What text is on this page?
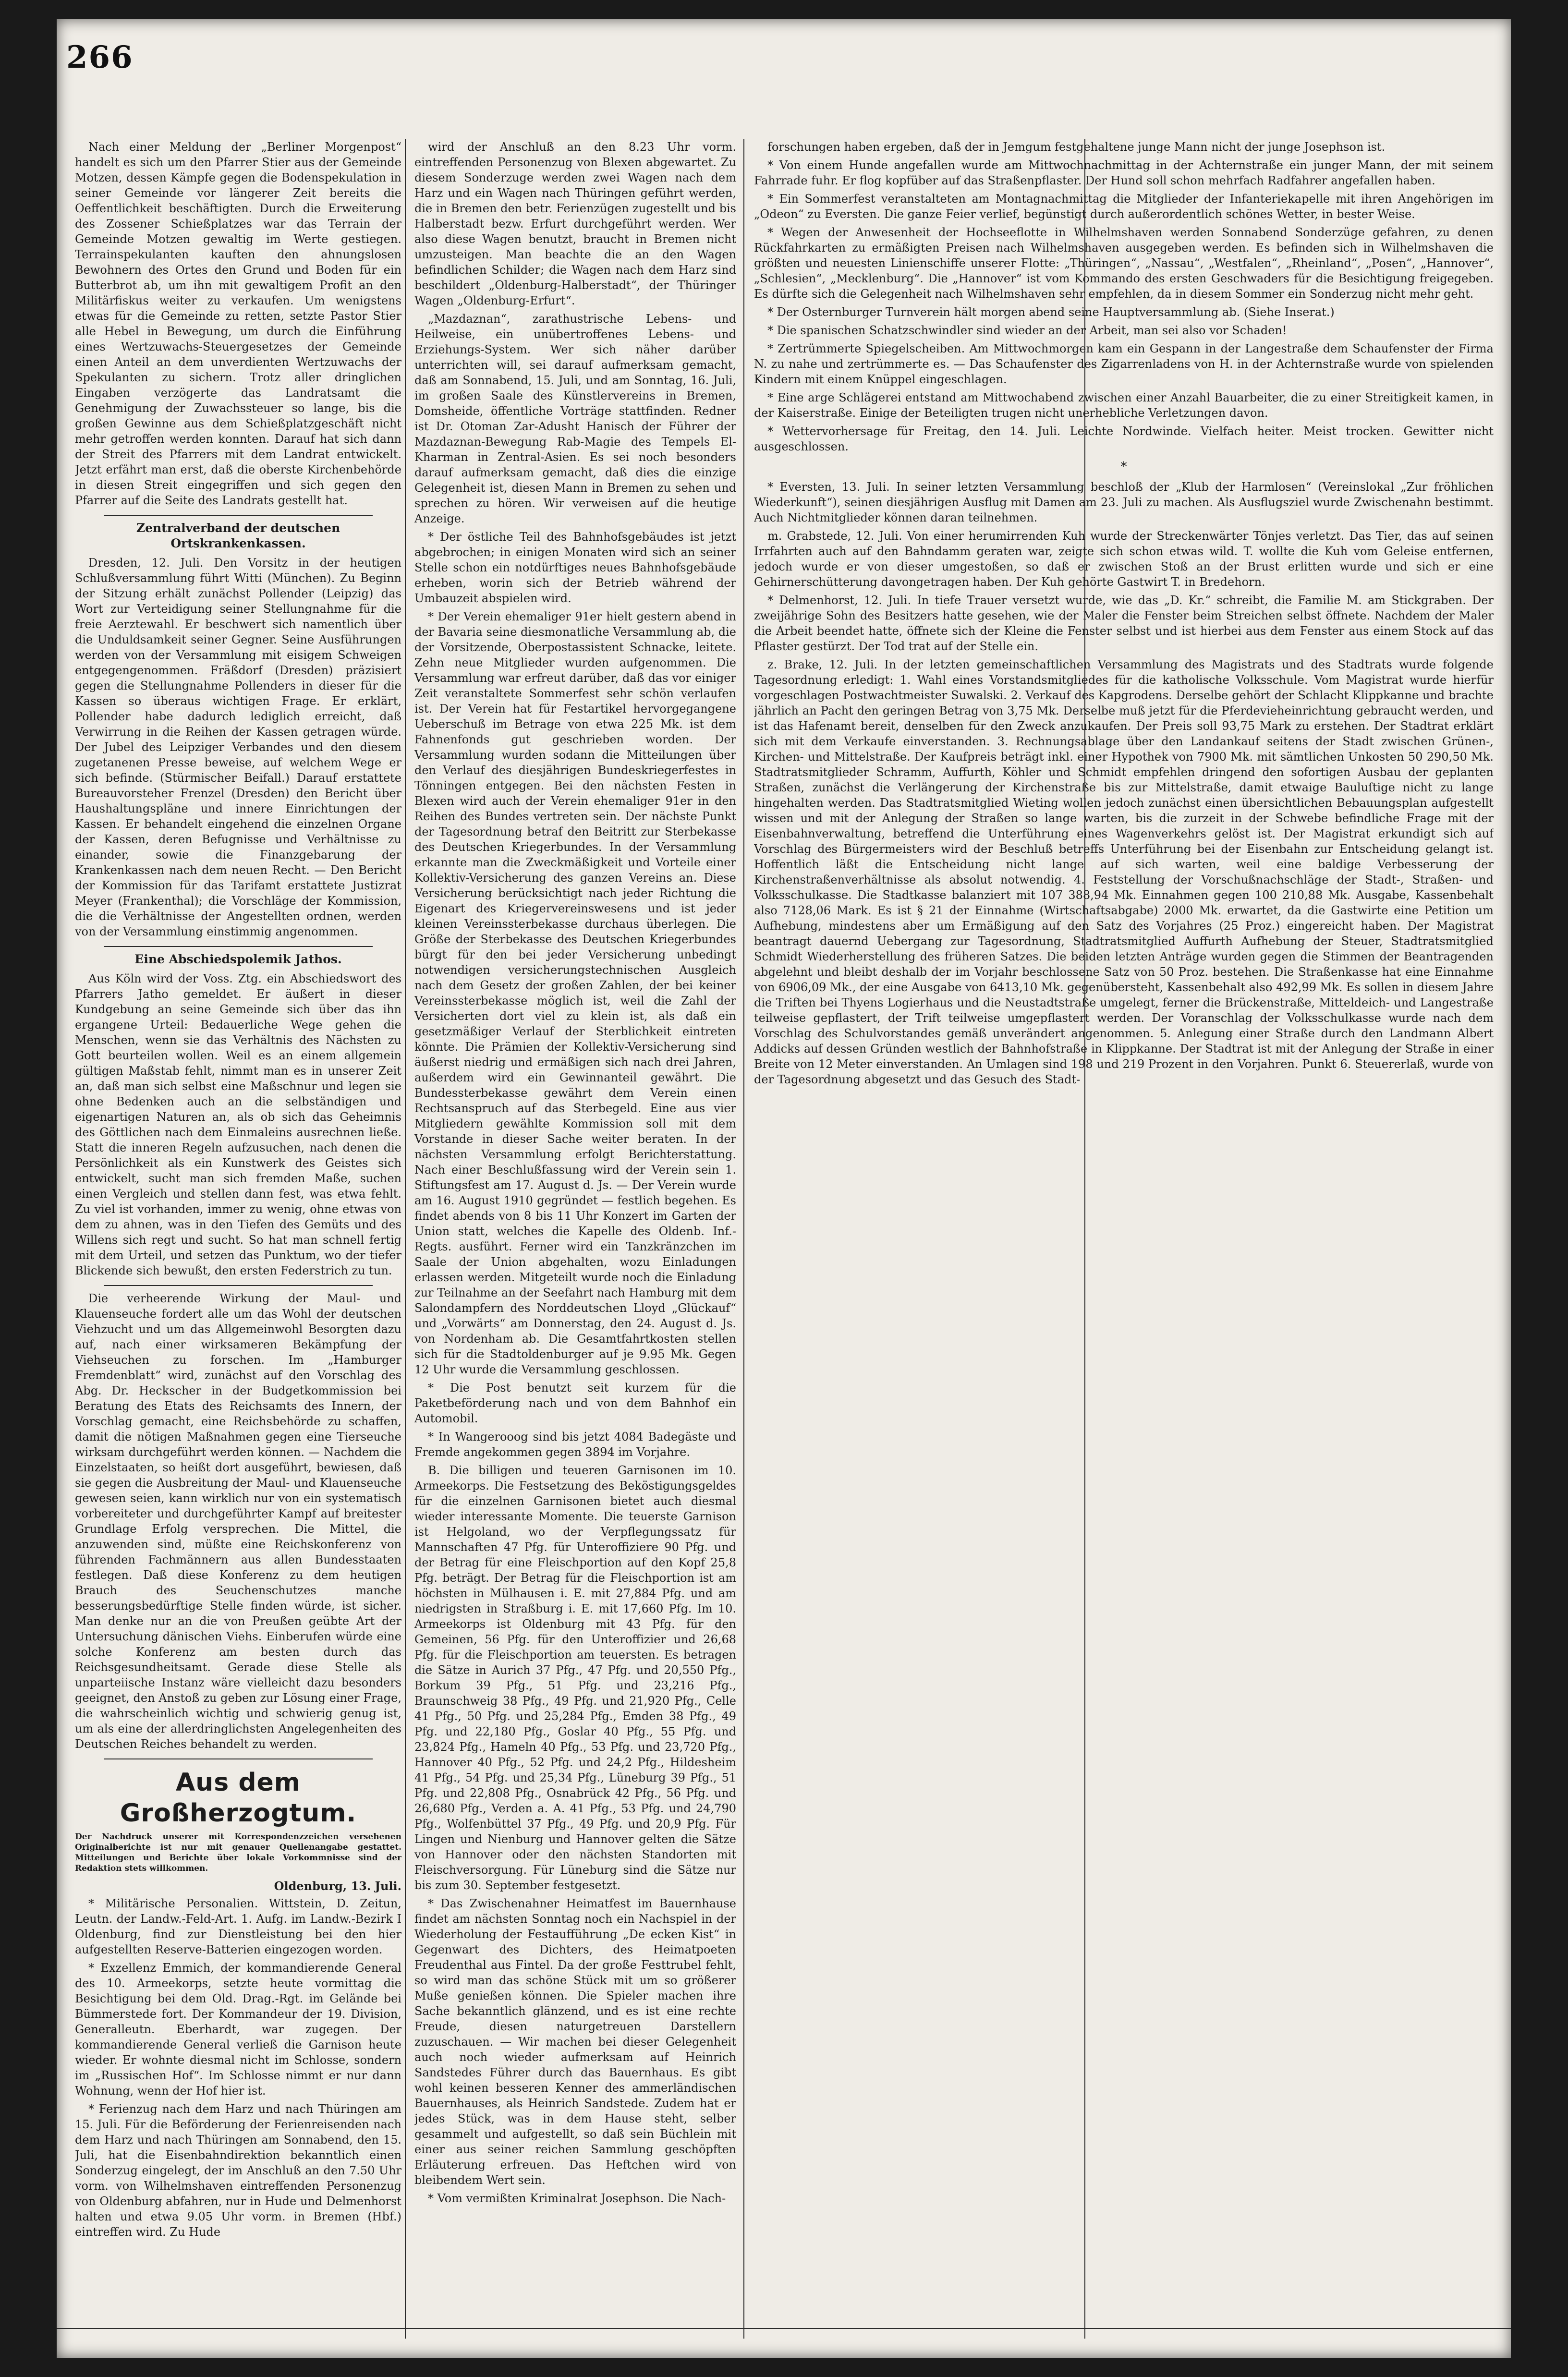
266

Nach einer Meldung der „Berliner Morgenpost“ handelt es sich um den Pfarrer Stier aus der Gemeinde Motzen, dessen Kämpfe gegen die Bodenspekulation in seiner Gemeinde vor längerer Zeit bereits die Oeffentlichkeit beschäftigten. Durch die Erweiterung des Zossener Schießplatzes war das Terrain der Gemeinde Motzen gewaltig im Werte gestiegen. Terrainspekulanten kauften den ahnungslosen Bewohnern des Ortes den Grund und Boden für ein Butterbrot ab, um ihn mit gewaltigem Profit an den Militärfiskus weiter zu verkaufen. Um wenigstens etwas für die Gemeinde zu retten, setzte Pastor Stier alle Hebel in Bewegung, um durch die Einführung eines Wertzuwachs-Steuergesetzes der Gemeinde einen Anteil an dem unverdienten Wertzuwachs der Spekulanten zu sichern. Trotz aller dringlichen Eingaben verzögerte das Landratsamt die Genehmigung der Zuwachssteuer so lange, bis die großen Gewinne aus dem Schießplatzgeschäft nicht mehr getroffen werden konnten. Darauf hat sich dann der Streit des Pfarrers mit dem Landrat entwickelt. Jetzt erfährt man erst, daß die oberste Kirchenbehörde in diesen Streit eingegriffen und sich gegen den Pfarrer auf die Seite des Landrats gestellt hat.

Zentralverband der deutschen Ortskrankenkassen.

Dresden, 12. Juli. Den Vorsitz in der heutigen Schlußversammlung führt Witti (München). Zu Beginn der Sitzung erhält zunächst Pollender (Leipzig) das Wort zur Verteidigung seiner Stellungnahme für die freie Aerztewahl. Er beschwert sich namentlich über die Unduldsamkeit seiner Gegner. Seine Ausführungen werden von der Versammlung mit eisigem Schweigen entgegengenommen. Fräßdorf (Dresden) präzisiert gegen die Stellungnahme Pollenders in dieser für die Kassen so überaus wichtigen Frage. Er erklärt, Pollender habe dadurch lediglich erreicht, daß Verwirrung in die Reihen der Kassen getragen würde. Der Jubel des Leipziger Verbandes und den diesem zugetanenen Presse beweise, auf welchem Wege er sich befinde. (Stürmischer Beifall.) Darauf erstattete Bureauvorsteher Frenzel (Dresden) den Bericht über Haushaltungspläne und innere Einrichtungen der Kassen. Er behandelt eingehend die einzelnen Organe der Kassen, deren Befugnisse und Verhältnisse zu einander, sowie die Finanzgebarung der Krankenkassen nach dem neuen Recht. — Den Bericht der Kommission für das Tarifamt erstattete Justizrat Meyer (Frankenthal); die Vorschläge der Kommission, die die Verhältnisse der Angestellten ordnen, werden von der Versammlung einstimmig angenommen.

Eine Abschiedspolemik Jathos.

Aus Köln wird der Voss. Ztg. ein Abschiedswort des Pfarrers Jatho gemeldet. Er äußert in dieser Kundgebung an seine Gemeinde sich über das ihn ergangene Urteil: Bedauerliche Wege gehen die Menschen, wenn sie das Verhältnis des Nächsten zu Gott beurteilen wollen. Weil es an einem allgemein gültigen Maßstab fehlt, nimmt man es in unserer Zeit an, daß man sich selbst eine Maßschnur und legen sie ohne Bedenken auch an die selbständigen und eigenartigen Naturen an, als ob sich das Geheimnis des Göttlichen nach dem Einmaleins ausrechnen ließe. Statt die inneren Regeln aufzusuchen, nach denen die Persönlichkeit als ein Kunstwerk des Geistes sich entwickelt, sucht man sich fremden Maße, suchen einen Vergleich und stellen dann fest, was etwa fehlt. Zu viel ist vorhanden, immer zu wenig, ohne etwas von dem zu ahnen, was in den Tiefen des Gemüts und des Willens sich regt und sucht. So hat man schnell fertig mit dem Urteil, und setzen das Punktum, wo der tiefer Blickende sich bewußt, den ersten Federstrich zu tun.

Die verheerende Wirkung der Maul- und Klauenseuche fordert alle um das Wohl der deutschen Viehzucht und um das Allgemeinwohl Besorgten dazu auf, nach einer wirksameren Bekämpfung der Viehseuchen zu forschen. Im „Hamburger Fremdenblatt“ wird, zunächst auf den Vorschlag des Abg. Dr. Heckscher in der Budgetkommission bei Beratung des Etats des Reichsamts des Innern, der Vorschlag gemacht, eine Reichsbehörde zu schaffen, damit die nötigen Maßnahmen gegen eine Tierseuche wirksam durchgeführt werden können. — Nachdem die Einzelstaaten, so heißt dort ausgeführt, bewiesen, daß sie gegen die Ausbreitung der Maul- und Klauenseuche gewesen seien, kann wirklich nur von ein systematisch vorbereiteter und durchgeführter Kampf auf breitester Grundlage Erfolg versprechen. Die Mittel, die anzuwenden sind, müßte eine Reichskonferenz von führenden Fachmännern aus allen Bundesstaaten festlegen. Daß diese Konferenz zu dem heutigen Brauch des Seuchenschutzes manche besserungsbedürftige Stelle finden würde, ist sicher. Man denke nur an die von Preußen geübte Art der Untersuchung dänischen Viehs. Einberufen würde eine solche Konferenz am besten durch das Reichsgesundheitsamt. Gerade diese Stelle als unparteiische Instanz wäre vielleicht dazu besonders geeignet, den Anstoß zu geben zur Lösung einer Frage, die wahrscheinlich wichtig und schwierig genug ist, um als eine der allerdringlichsten Angelegenheiten des Deutschen Reiches behandelt zu werden.

Aus dem Großherzogtum.
Der Nachdruck unserer mit Korrespondenzzeichen versehenen Originalberichte ist nur mit genauer Quellenangabe gestattet. Mitteilungen und Berichte über lokale Vorkommnisse sind der Redaktion stets willkommen.
Oldenburg, 13. Juli.

* Militärische Personalien. Wittstein, D. Zeitun, Leutn. der Landw.-Feld-Art. 1. Aufg. im Landw.-Bezirk I Oldenburg, find zur Dienstleistung bei den hier aufgestellten Reserve-Batterien eingezogen worden.

* Exzellenz Emmich, der kommandierende General des 10. Armeekorps, setzte heute vormittag die Besichtigung bei dem Old. Drag.-Rgt. im Gelände bei Bümmerstede fort. Der Kommandeur der 19. Division, Generalleutn. Eberhardt, war zugegen. Der kommandierende General verließ die Garnison heute wieder. Er wohnte diesmal nicht im Schlosse, sondern im „Russischen Hof“. Im Schlosse nimmt er nur dann Wohnung, wenn der Hof hier ist.

* Ferienzug nach dem Harz und nach Thüringen am 15. Juli. Für die Beförderung der Ferienreisenden nach dem Harz und nach Thüringen am Sonnabend, den 15. Juli, hat die Eisenbahndirektion bekanntlich einen Sonderzug eingelegt, der im Anschluß an den 7.50 Uhr vorm. von Wilhelmshaven eintreffenden Personenzug von Oldenburg abfahren, nur in Hude und Delmenhorst halten und etwa 9.05 Uhr vorm. in Bremen (Hbf.) eintreffen wird. Zu Hude

wird der Anschluß an den 8.23 Uhr vorm. eintreffenden Personenzug von Blexen abgewartet. Zu diesem Sonderzuge werden zwei Wagen nach dem Harz und ein Wagen nach Thüringen geführt werden, die in Bremen den betr. Ferienzügen zugestellt und bis Halberstadt bezw. Erfurt durchgeführt werden. Wer also diese Wagen benutzt, braucht in Bremen nicht umzusteigen. Man beachte die an den Wagen befindlichen Schilder; die Wagen nach dem Harz sind beschildert „Oldenburg-Halberstadt“, der Thüringer Wagen „Oldenburg-Erfurt“.

„Mazdaznan“, zarathustrische Lebens- und Heilweise, ein unübertroffenes Lebens- und Erziehungs-System. Wer sich näher darüber unterrichten will, sei darauf aufmerksam gemacht, daß am Sonnabend, 15. Juli, und am Sonntag, 16. Juli, im großen Saale des Künstlervereins in Bremen, Domsheide, öffentliche Vorträge stattfinden. Redner ist Dr. Otoman Zar-Adusht Hanisch der Führer der Mazdaznan-Bewegung Rab-Magie des Tempels El-Kharman in Zentral-Asien. Es sei noch besonders darauf aufmerksam gemacht, daß dies die einzige Gelegenheit ist, diesen Mann in Bremen zu sehen und sprechen zu hören. Wir verweisen auf die heutige Anzeige.

* Der östliche Teil des Bahnhofsgebäudes ist jetzt abgebrochen; in einigen Monaten wird sich an seiner Stelle schon ein notdürftiges neues Bahnhofsgebäude erheben, worin sich der Betrieb während der Umbauzeit abspielen wird.

* Der Verein ehemaliger 91er hielt gestern abend in der Bavaria seine diesmonatliche Versammlung ab, die der Vorsitzende, Oberpostassistent Schnacke, leitete. Zehn neue Mitglieder wurden aufgenommen. Die Versammlung war erfreut darüber, daß das vor einiger Zeit veranstaltete Sommerfest sehr schön verlaufen ist. Der Verein hat für Festartikel hervorgegangene Ueberschuß im Betrage von etwa 225 Mk. ist dem Fahnenfonds gut geschrieben worden. Der Versammlung wurden sodann die Mitteilungen über den Verlauf des diesjährigen Bundeskriegerfestes in Tönningen entgegen. Bei den nächsten Festen in Blexen wird auch der Verein ehemaliger 91er in den Reihen des Bundes vertreten sein. Der nächste Punkt der Tagesordnung betraf den Beitritt zur Sterbekasse des Deutschen Kriegerbundes. In der Versammlung erkannte man die Zweckmäßigkeit und Vorteile einer Kollektiv-Versicherung des ganzen Vereins an. Diese Versicherung berücksichtigt nach jeder Richtung die Eigenart des Kriegervereinswesens und ist jeder kleinen Vereinssterbekasse durchaus überlegen. Die Größe der Sterbekasse des Deutschen Kriegerbundes bürgt für den bei jeder Versicherung unbedingt notwendigen versicherungstechnischen Ausgleich nach dem Gesetz der großen Zahlen, der bei keiner Vereinssterbekasse möglich ist, weil die Zahl der Versicherten dort viel zu klein ist, als daß ein gesetzmäßiger Verlauf der Sterblichkeit eintreten könnte. Die Prämien der Kollektiv-Versicherung sind äußerst niedrig und ermäßigen sich nach drei Jahren, außerdem wird ein Gewinnanteil gewährt. Die Bundessterbekasse gewährt dem Verein einen Rechtsanspruch auf das Sterbegeld. Eine aus vier Mitgliedern gewählte Kommission soll mit dem Vorstande in dieser Sache weiter beraten. In der nächsten Versammlung erfolgt Berichterstattung. Nach einer Beschlußfassung wird der Verein sein 1. Stiftungsfest am 17. August d. Js. — Der Verein wurde am 16. August 1910 gegründet — festlich begehen. Es findet abends von 8 bis 11 Uhr Konzert im Garten der Union statt, welches die Kapelle des Oldenb. Inf.-Regts. ausführt. Ferner wird ein Tanzkränzchen im Saale der Union abgehalten, wozu Einladungen erlassen werden. Mitgeteilt wurde noch die Einladung zur Teilnahme an der Seefahrt nach Hamburg mit dem Salondampfern des Norddeutschen Lloyd „Glückauf“ und „Vorwärts“ am Donnerstag, den 24. August d. Js. von Nordenham ab. Die Gesamtfahrtkosten stellen sich für die Stadtoldenburger auf je 9.95 Mk. Gegen 12 Uhr wurde die Versammlung geschlossen.

* Die Post benutzt seit kurzem für die Paketbeförderung nach und von dem Bahnhof ein Automobil.

* In Wangerooog sind bis jetzt 4084 Badegäste und Fremde angekommen gegen 3894 im Vorjahre.

B. Die billigen und teueren Garnisonen im 10. Armeekorps. Die Festsetzung des Beköstigungsgeldes für die einzelnen Garnisonen bietet auch diesmal wieder interessante Momente. Die teuerste Garnison ist Helgoland, wo der Verpflegungssatz für Mannschaften 47 Pfg. für Unteroffiziere 90 Pfg. und der Betrag für eine Fleischportion auf den Kopf 25,8 Pfg. beträgt. Der Betrag für die Fleischportion ist am höchsten in Mülhausen i. E. mit 27,884 Pfg. und am niedrigsten in Straßburg i. E. mit 17,660 Pfg. Im 10. Armeekorps ist Oldenburg mit 43 Pfg. für den Gemeinen, 56 Pfg. für den Unteroffizier und 26,68 Pfg. für die Fleischportion am teuersten. Es betragen die Sätze in Aurich 37 Pfg., 47 Pfg. und 20,550 Pfg., Borkum 39 Pfg., 51 Pfg. und 23,216 Pfg., Braunschweig 38 Pfg., 49 Pfg. und 21,920 Pfg., Celle 41 Pfg., 50 Pfg. und 25,284 Pfg., Emden 38 Pfg., 49 Pfg. und 22,180 Pfg., Goslar 40 Pfg., 55 Pfg. und 23,824 Pfg., Hameln 40 Pfg., 53 Pfg. und 23,720 Pfg., Hannover 40 Pfg., 52 Pfg. und 24,2 Pfg., Hildesheim 41 Pfg., 54 Pfg. und 25,34 Pfg., Lüneburg 39 Pfg., 51 Pfg. und 22,808 Pfg., Osnabrück 42 Pfg., 56 Pfg. und 26,680 Pfg., Verden a. A. 41 Pfg., 53 Pfg. und 24,790 Pfg., Wolfenbüttel 37 Pfg., 49 Pfg. und 20,9 Pfg. Für Lingen und Nienburg und Hannover gelten die Sätze von Hannover oder den nächsten Standorten mit Fleischversorgung. Für Lüneburg sind die Sätze nur bis zum 30. September festgesetzt.

* Das Zwischenahner Heimatfest im Bauernhause findet am nächsten Sonntag noch ein Nachspiel in der Wiederholung der Festaufführung „De ecken Kist“ in Gegenwart des Dichters, des Heimatpoeten Freudenthal aus Fintel. Da der große Festtrubel fehlt, so wird man das schöne Stück mit um so größerer Muße genießen können. Die Spieler machen ihre Sache bekanntlich glänzend, und es ist eine rechte Freude, diesen naturgetreuen Darstellern zuzuschauen. — Wir machen bei dieser Gelegenheit auch noch wieder aufmerksam auf Heinrich Sandstedes Führer durch das Bauernhaus. Es gibt wohl keinen besseren Kenner des ammerländischen Bauernhauses, als Heinrich Sandstede. Zudem hat er jedes Stück, was in dem Hause steht, selber gesammelt und aufgestellt, so daß sein Büchlein mit einer aus seiner reichen Sammlung geschöpften Erläuterung erfreuen. Das Heftchen wird von bleibendem Wert sein.

* Vom vermißten Kriminalrat Josephson. Die Nach-

forschungen haben ergeben, daß der in Jemgum festgehaltene junge Mann nicht der junge Josephson ist.

* Von einem Hunde angefallen wurde am Mittwochnachmittag in der Achternstraße ein junger Mann, der mit seinem Fahrrade fuhr. Er flog kopfüber auf das Straßenpflaster. Der Hund soll schon mehrfach Radfahrer angefallen haben.

* Ein Sommerfest veranstalteten am Montagnachmittag die Mitglieder der Infanteriekapelle mit ihren Angehörigen im „Odeon“ zu Eversten. Die ganze Feier verlief, begünstigt durch außerordentlich schönes Wetter, in bester Weise.

* Wegen der Anwesenheit der Hochseeflotte in Wilhelmshaven werden Sonnabend Sonderzüge gefahren, zu denen Rückfahrkarten zu ermäßigten Preisen nach Wilhelmshaven ausgegeben werden. Es befinden sich in Wilhelmshaven die größten und neuesten Linienschiffe unserer Flotte: „Thüringen“, „Nassau“, „Westfalen“, „Rheinland“, „Posen“, „Hannover“, „Schlesien“, „Mecklenburg“. Die „Hannover“ ist vom Kommando des ersten Geschwaders für die Besichtigung freigegeben. Es dürfte sich die Gelegenheit nach Wilhelmshaven sehr empfehlen, da in diesem Sommer ein Sonderzug nicht mehr geht.

* Der Osternburger Turnverein hält morgen abend seine Hauptversammlung ab. (Siehe Inserat.)

* Die spanischen Schatzschwindler sind wieder an der Arbeit, man sei also vor Schaden!

* Zertrümmerte Spiegelscheiben. Am Mittwochmorgen kam ein Gespann in der Langestraße dem Schaufenster der Firma N. zu nahe und zertrümmerte es. — Das Schaufenster des Zigarrenladens von H. in der Achternstraße wurde von spielenden Kindern mit einem Knüppel eingeschlagen.

* Eine arge Schlägerei entstand am Mittwochabend zwischen einer Anzahl Bauarbeiter, die zu einer Streitigkeit kamen, in der Kaiserstraße. Einige der Beteiligten trugen nicht unerhebliche Verletzungen davon.

* Wettervorhersage für Freitag, den 14. Juli. Leichte Nordwinde. Vielfach heiter. Meist trocken. Gewitter nicht ausgeschlossen.

*

* Eversten, 13. Juli. In seiner letzten Versammlung beschloß der „Klub der Harmlosen“ (Vereinslokal „Zur fröhlichen Wiederkunft“), seinen diesjährigen Ausflug mit Damen am 23. Juli zu machen. Als Ausflugsziel wurde Zwischenahn bestimmt. Auch Nichtmitglieder können daran teilnehmen.

m. Grabstede, 12. Juli. Von einer herumirrenden Kuh wurde der Streckenwärter Tönjes verletzt. Das Tier, das auf seinen Irrfahrten auch auf den Bahndamm geraten war, zeigte sich schon etwas wild. T. wollte die Kuh vom Geleise entfernen, jedoch wurde er von dieser umgestoßen, so daß er zwischen Stoß an der Brust erlitten wurde und sich er eine Gehirnerschütterung davongetragen haben. Der Kuh gehörte Gastwirt T. in Bredehorn.

* Delmenhorst, 12. Juli. In tiefe Trauer versetzt wurde, wie das „D. Kr.“ schreibt, die Familie M. am Stickgraben. Der zweijährige Sohn des Besitzers hatte gesehen, wie der Maler die Fenster beim Streichen selbst öffnete. Nachdem der Maler die Arbeit beendet hatte, öffnete sich der Kleine die Fenster selbst und ist hierbei aus dem Fenster aus einem Stock auf das Pflaster gestürzt. Der Tod trat auf der Stelle ein.

z. Brake, 12. Juli. In der letzten gemeinschaftlichen Versammlung des Magistrats und des Stadtrats wurde folgende Tagesordnung erledigt: 1. Wahl eines Vorstandsmitgliedes für die katholische Volksschule. Vom Magistrat wurde hierfür vorgeschlagen Postwachtmeister Suwalski. 2. Verkauf des Kapgrodens. Derselbe gehört der Schlacht Klippkanne und brachte jährlich an Pacht den geringen Betrag von 3,75 Mk. Derselbe muß jetzt für die Pferdevieheinrichtung gebraucht werden, und ist das Hafenamt bereit, denselben für den Zweck anzukaufen. Der Preis soll 93,75 Mark zu erstehen. Der Stadtrat erklärt sich mit dem Verkaufe einverstanden. 3. Rechnungsablage über den Landankauf seitens der Stadt zwischen Grünen-, Kirchen- und Mittelstraße. Der Kaufpreis beträgt inkl. einer Hypothek von 7900 Mk. mit sämtlichen Unkosten 50 290,50 Mk. Stadtratsmitglieder Schramm, Auffurth, Köhler und Schmidt empfehlen dringend den sofortigen Ausbau der geplanten Straßen, zunächst die Verlängerung der Kirchenstraße bis zur Mittelstraße, damit etwaige Bauluſtige nicht zu lange hingehalten werden. Das Stadtratsmitglied Wieting wollen jedoch zunächst einen übersichtlichen Bebauungsplan aufgestellt wissen und mit der Anlegung der Straßen so lange warten, bis die zurzeit in der Schwebe befindliche Frage mit der Eisenbahnverwaltung, betreffend die Unterführung eines Wagenverkehrs gelöst ist. Der Magistrat erkundigt sich auf Vorschlag des Bürgermeisters wird der Beschluß betreffs Unterführung bei der Eisenbahn zur Entscheidung gelangt ist. Hoffentlich läßt die Entscheidung nicht lange auf sich warten, weil eine baldige Verbesserung der Kirchenstraßenverhältnisse als absolut notwendig. 4. Feststellung der Vorschußnachschläge der Stadt-, Straßen- und Volksschulkasse. Die Stadtkasse balanziert mit 107 388,94 Mk. Einnahmen gegen 100 210,88 Mk. Ausgabe, Kassenbehalt also 7128,06 Mark. Es ist § 21 der Einnahme (Wirtschaftsabgabe) 2000 Mk. erwartet, da die Gastwirte eine Petition um Aufhebung, mindestens aber um Ermäßigung auf den Satz des Vorjahres (25 Proz.) eingereicht haben. Der Magistrat beantragt dauernd Uebergang zur Tagesordnung, Stadtratsmitglied Auffurth Aufhebung der Steuer, Stadtratsmitglied Schmidt Wiederherstellung des früheren Satzes. Die beiden letzten Anträge wurden gegen die Stimmen der Beantragenden abgelehnt und bleibt deshalb der im Vorjahr beschlossene Satz von 50 Proz. bestehen. Die Straßenkasse hat eine Einnahme von 6906,09 Mk., der eine Ausgabe von 6413,10 Mk. gegenübersteht, Kassenbehalt also 492,99 Mk. Es sollen in diesem Jahre die Triften bei Thyens Logierhaus und die Neustadtstraße umgelegt, ferner die Brückenstraße, Mitteldeich- und Langestraße teilweise gepflastert, der Trift teilweise umgepflastert werden. Der Voranschlag der Volksschulkasse wurde nach dem Vorschlag des Schulvorstandes gemäß unverändert angenommen. 5. Anlegung einer Straße durch den Landmann Albert Addicks auf dessen Gründen westlich der Bahnhofstraße in Klippkanne. Der Stadtrat ist mit der Anlegung der Straße in einer Breite von 12 Meter einverstanden. An Umlagen sind 198 und 219 Prozent in den Vorjahren. Punkt 6. Steuererlaß, wurde von der Tagesordnung abgesetzt und das Gesuch des Stadt-
